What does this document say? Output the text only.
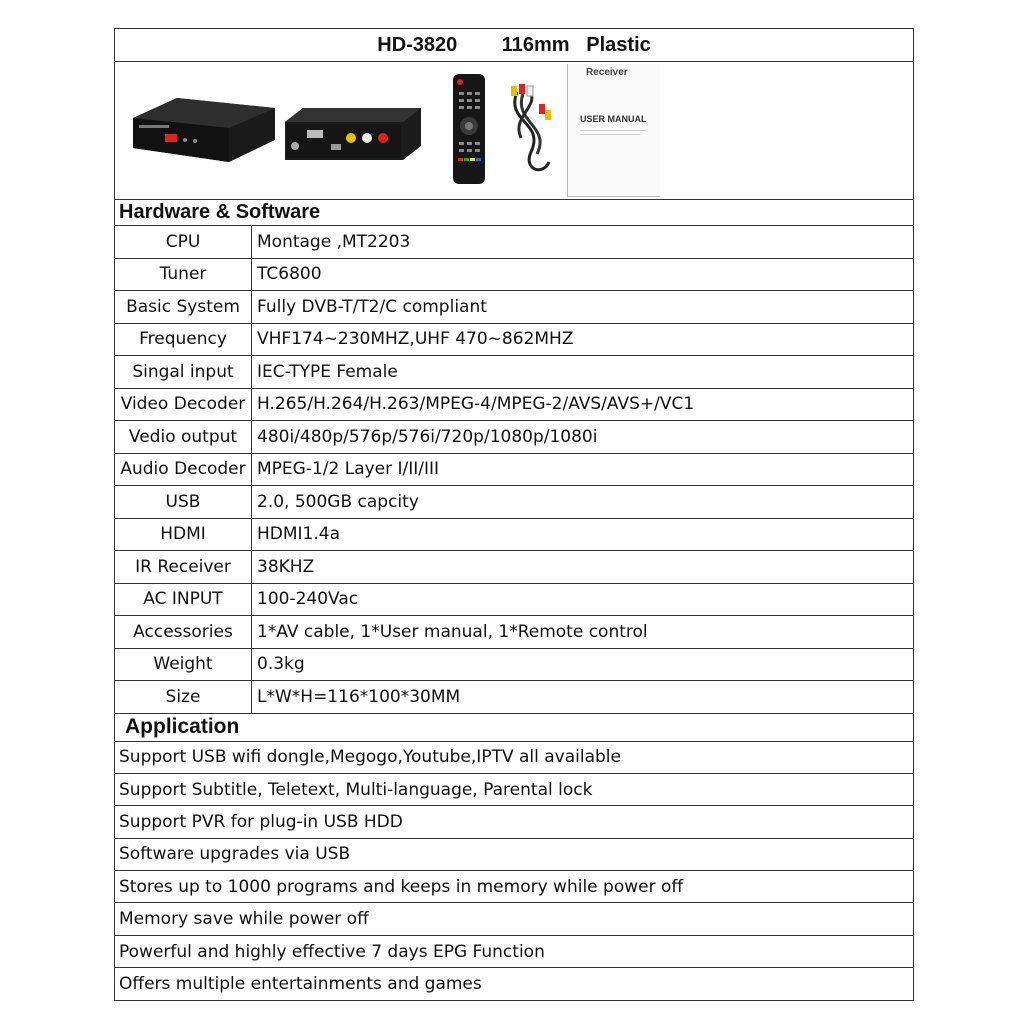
HD-3820
116mm
Plastic
Receiver
USER MANUAL
Hardware & Software
CPU	Montage ,MT2203
Tuner	TC6800
Basic System	Fully DVB-T/T2/C compliant
Frequency	VHF174~230MHZ,UHF 470~862MHZ
Singal input	IEC-TYPE Female
Video Decoder H.265/H.264/H.263/MPEG-4/MPEG-2/AVS/AVS+/VC1
Vedio output	480i/480p/576p/576i/720p/1080p/1080i
Audio Decoder MPEG-1/2 Layer I/II/III
USB	2.0, 500GB capcity
HDMI	HDMI1.4a
IR Receiver	38KHZ
AC INPUT	100-240Vac
Accessories	1*AV cable, 1*User manual, 1*Remote control
Weight	0.3kg
Size	L*W*H=116*100*30MM
Application
Support USB wifi dongle,Megogo,Youtube,IPTV all available
Support Subtitle, Teletext, Multi-language, Parental lock
Support PVR for plug-in USB HDD
Software upgrades via USB
Stores up to 1000 programs and keeps in memory while power off
Memory save while power off
Powerful and highly effective 7 days EPG Function
Offers multiple entertainments and games
